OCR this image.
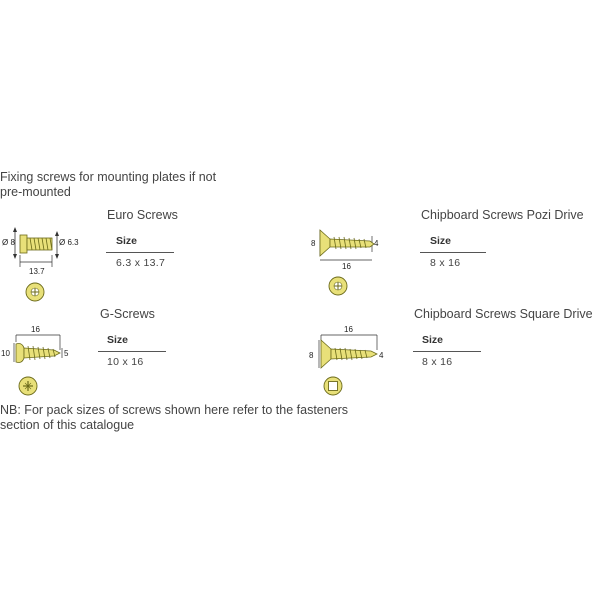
Fixing screws for mounting plates if not pre-mounted
Euro Screws
Size
6.3 x 13.7
Ø 8	Ø 6.3
13.7
Chipboard Screws Pozi Drive
Size
8 x 16
8	4
16
G-Screws
Size
10 x 16
16
10	5
Chipboard Screws Square Drive
Size
8 x 16
16
8	4
NB: For pack sizes of screws shown here refer to the fasteners section of this catalogue
